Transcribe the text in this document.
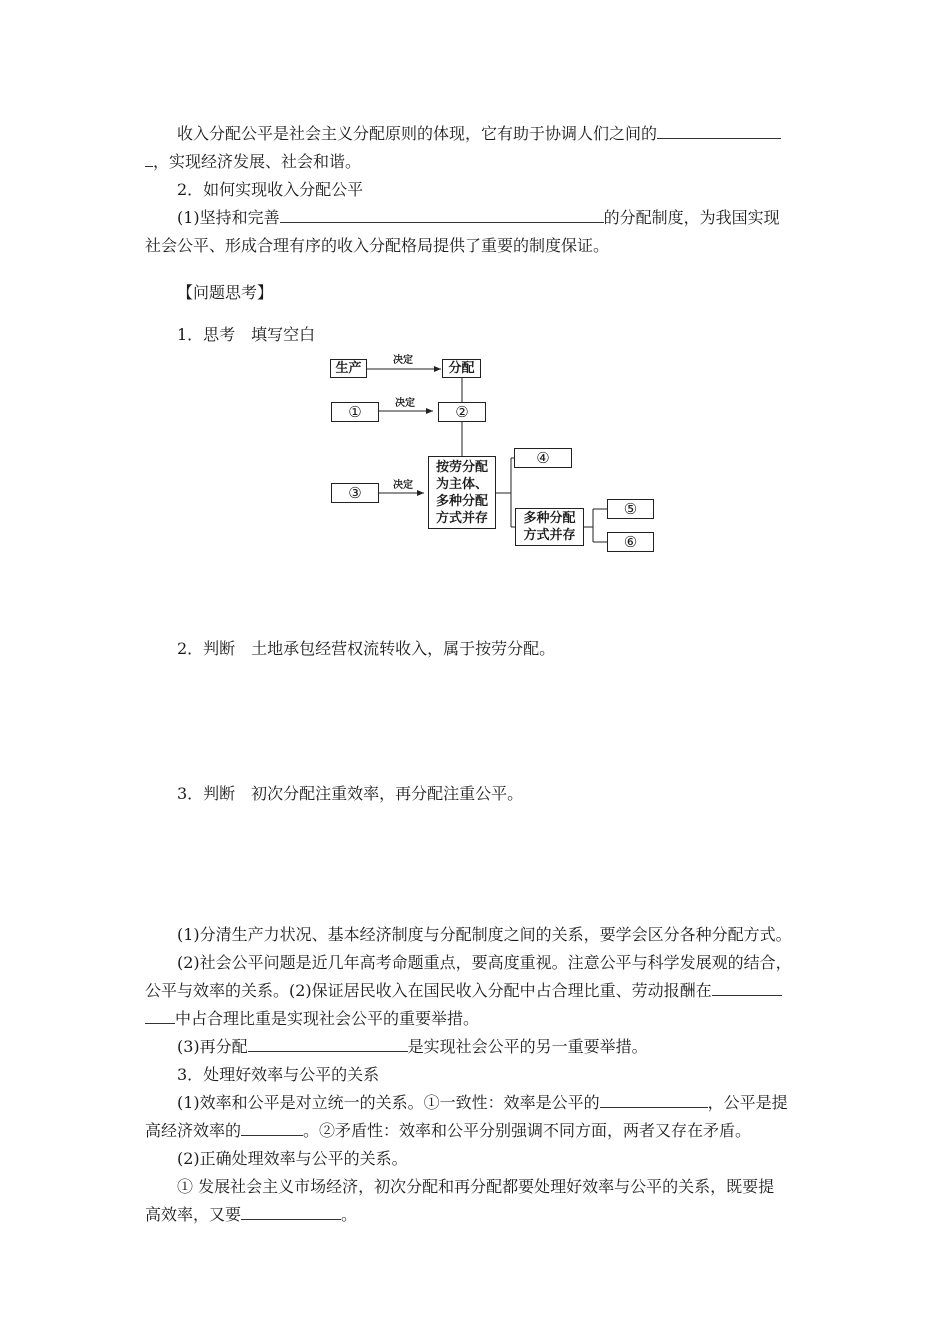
收入分配公平是社会主义分配原则的体现，它有助于协调人们之间的
，实现经济发展、社会和谐。
2．如何实现收入分配公平
(1)坚持和完善	的分配制度，为我国实现
社会公平、形成合理有序的收入分配格局提供了重要的制度保证。
【问题思考】
1．思考　填写空白
生产
决定
分配
①	决定	②
③	决定
按劳分配
为主体、
多种分配
方式并存
④
多种分配
方式并存
⑤
⑥
2．判断　土地承包经营权流转收入，属于按劳分配。
3．判断　初次分配注重效率，再分配注重公平。
(1)分清生产力状况、基本经济制度与分配制度之间的关系，要学会区分各种分配方式。
(2)社会公平问题是近几年高考命题重点，要高度重视。注意公平与科学发展观的结合，
公平与效率的关系。(2)保证居民收入在国民收入分配中占合理比重、劳动报酬在
中占合理比重是实现社会公平的重要举措。
(3)再分配	是实现社会公平的另一重要举措。
3．处理好效率与公平的关系
(1)效率和公平是对立统一的关系。①一致性：效率是公平的	，公平是提
高经济效率的	。②矛盾性：效率和公平分别强调不同方面，两者又存在矛盾。
(2)正确处理效率与公平的关系。
① 发展社会主义市场经济，初次分配和再分配都要处理好效率与公平的关系，既要提
高效率，又要	。
